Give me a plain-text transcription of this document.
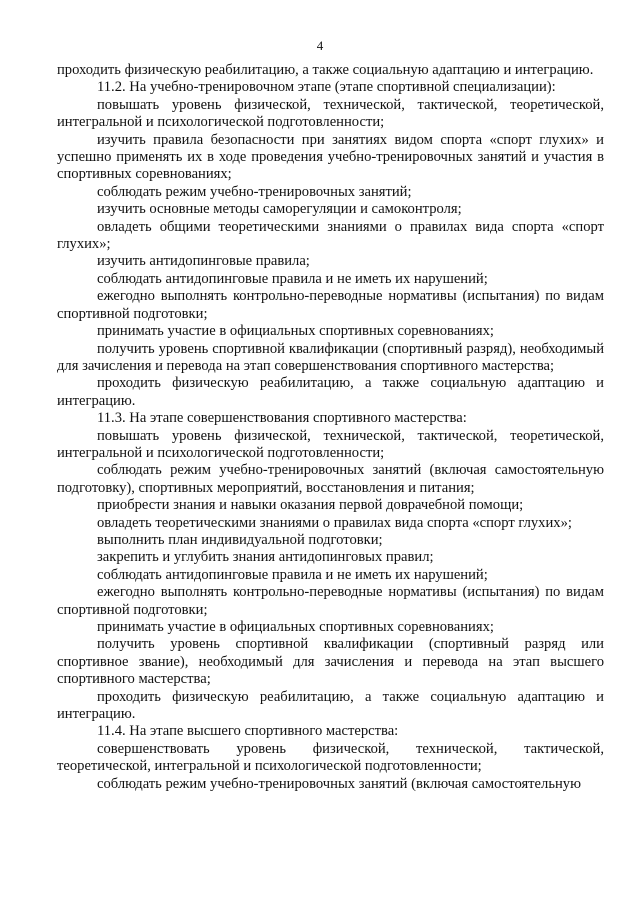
4

проходить физическую реабилитацию, а также социальную адаптацию и интеграцию.

11.2. На учебно-тренировочном этапе (этапе спортивной специализации):

повышать уровень физической, технической, тактической, теоретической, интегральной и психологической подготовленности;

изучить правила безопасности при занятиях видом спорта «спорт глухих» и успешно применять их в ходе проведения учебно-тренировочных занятий и участия в спортивных соревнованиях;

соблюдать режим учебно-тренировочных занятий;

изучить основные методы саморегуляции и самоконтроля;

овладеть общими теоретическими знаниями о правилах вида спорта «спорт глухих»;

изучить антидопинговые правила;

соблюдать антидопинговые правила и не иметь их нарушений;

ежегодно выполнять контрольно-переводные нормативы (испытания) по видам спортивной подготовки;

принимать участие в официальных спортивных соревнованиях;

получить уровень спортивной квалификации (спортивный разряд), необходимый для зачисления и перевода на этап совершенствования спортивного мастерства;

проходить физическую реабилитацию, а также социальную адаптацию и интеграцию.

11.3. На этапе совершенствования спортивного мастерства:

повышать уровень физической, технической, тактической, теоретической, интегральной и психологической подготовленности;

соблюдать режим учебно-тренировочных занятий (включая самостоятельную подготовку), спортивных мероприятий, восстановления и питания;

приобрести знания и навыки оказания первой доврачебной помощи;

овладеть теоретическими знаниями о правилах вида спорта «спорт глухих»;

выполнить план индивидуальной подготовки;

закрепить и углубить знания антидопинговых правил;

соблюдать антидопинговые правила и не иметь их нарушений;

ежегодно выполнять контрольно-переводные нормативы (испытания) по видам спортивной подготовки;

принимать участие в официальных спортивных соревнованиях;

получить уровень спортивной квалификации (спортивный разряд или спортивное звание), необходимый для зачисления и перевода на этап высшего спортивного мастерства;

проходить физическую реабилитацию, а также социальную адаптацию и интеграцию.

11.4. На этапе высшего спортивного мастерства:

совершенствовать уровень физической, технической, тактической, теоретической, интегральной и психологической подготовленности;

соблюдать режим учебно-тренировочных занятий (включая самостоятельную
